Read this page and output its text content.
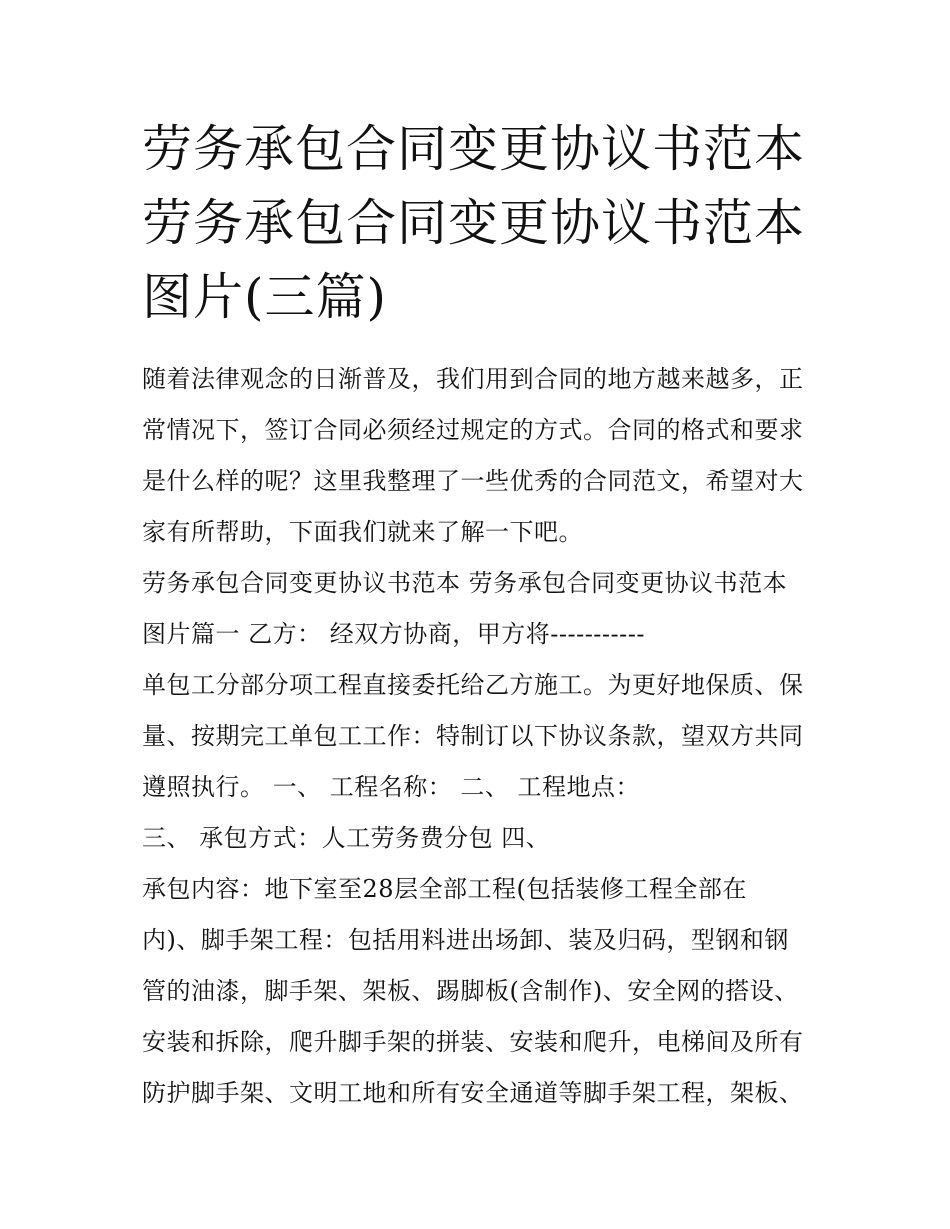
劳务承包合同变更协议书范本
劳务承包合同变更协议书范本
图片(三篇)
随着法律观念的日渐普及，我们用到合同的地方越来越多，正
常情况下，签订合同必须经过规定的方式。合同的格式和要求
是什么样的呢？这里我整理了一些优秀的合同范文，希望对大
家有所帮助，下面我们就来了解一下吧。
劳务承包合同变更协议书范本 劳务承包合同变更协议书范本
图片篇一 乙方： 经双方协商，甲方将-----------
单包工分部分项工程直接委托给乙方施工。为更好地保质、保
量、按期完工单包工工作：特制订以下协议条款，望双方共同
遵照执行。 一、 工程名称： 二、 工程地点：
三、 承包方式：人工劳务费分包 四、
承包内容：地下室至28层全部工程(包括装修工程全部在
内)、脚手架工程：包括用料进出场卸、装及归码，型钢和钢
管的油漆，脚手架、架板、踢脚板(含制作)、安全网的搭设、
安装和拆除，爬升脚手架的拼装、安装和爬升，电梯间及所有
防护脚手架、文明工地和所有安全通道等脚手架工程，架板、
